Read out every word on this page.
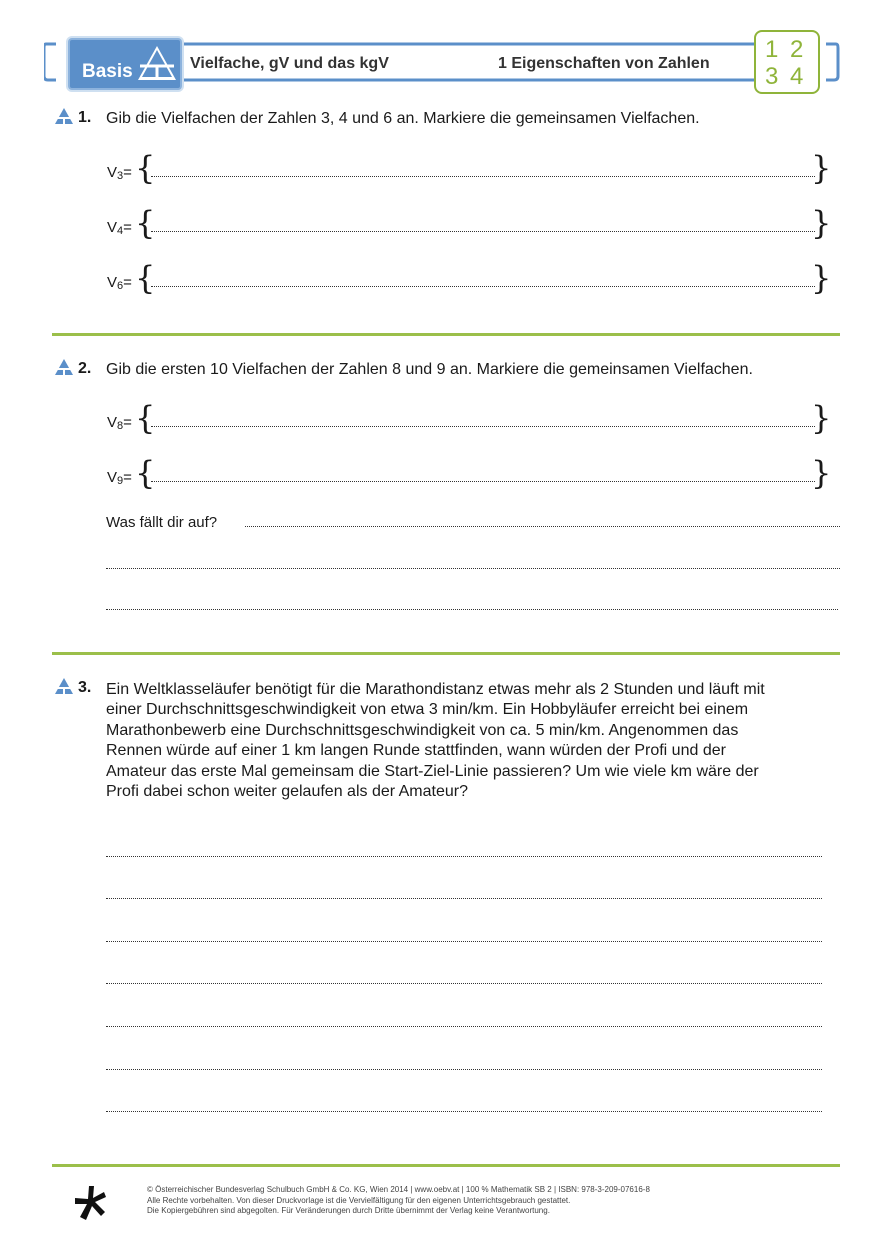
Basis	Vielfache, gV und das kgV	1 Eigenschaften von Zahlen
1 2
3 4
1. Gib die Vielfachen der Zahlen 3, 4 und 6 an. Markiere die gemeinsamen Vielfachen.
$V_3=$ {	}
$V_4=$ {	}
$V_6=$ {	}
2. Gib die ersten 10 Vielfachen der Zahlen 8 und 9 an. Markiere die gemeinsamen Vielfachen.
$V_8=$ {	}
$V_9=$ {	}
Was fällt dir auf?
3. Ein Weltklasseläufer benötigt für die Marathondistanz etwas mehr als 2 Stunden und läuft mit
einer Durchschnittsgeschwindigkeit von etwa 3 min/km. Ein Hobbyläufer erreicht bei einem
Marathonbewerb eine Durchschnittsgeschwindigkeit von ca. 5 min/km. Angenommen das
Rennen würde auf einer 1 km langen Runde stattfinden, wann würden der Profi und der
Amateur das erste Mal gemeinsam die Start-Ziel-Linie passieren? Um wie viele km wäre der
Profi dabei schon weiter gelaufen als der Amateur?
© Österreichischer Bundesverlag Schulbuch GmbH & Co. KG, Wien 2014 | www.oebv.at | 100 % Mathematik SB 2 | ISBN: 978-3-209-07616-8
Alle Rechte vorbehalten. Von dieser Druckvorlage ist die Vervielfältigung für den eigenen Unterrichtsgebrauch gestattet.
Die Kopiergebühren sind abgegolten. Für Veränderungen durch Dritte übernimmt der Verlag keine Verantwortung.
